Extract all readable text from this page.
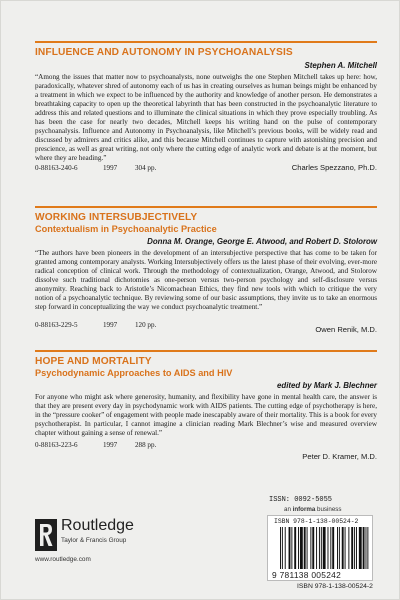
INFLUENCE AND AUTONOMY IN PSYCHOANALYSIS
Stephen A. Mitchell
“Among the issues that matter now to psychoanalysts, none outweighs the one Stephen Mitchell takes up here: how, paradoxically, whatever shred of autonomy each of us has in creating ourselves as human beings might be enhanced by a treatment in which we expect to be influenced by the authority and knowledge of another person. He demonstrates a breathtaking capacity to open up the theoretical labyrinth that has been constructed in the psychoanalytic literature to address this and related questions and to illuminate the clinical situations in which they prove especially troubling. As has been the case for nearly two decades, Mitchell keeps his writing hand on the pulse of contemporary psychoanalysis. Influence and Autonomy in Psychoanalysis, like Mitchell’s previous books, will be widely read and discussed by admirers and critics alike, and this because Mitchell continues to capture with astonishing precision and prescience, as well as great writing, not only where the cutting edge of analytic work and debate is at the moment, but where they are heading.”
0-88163-240-6	1997	304 pp.	Charles Spezzano, Ph.D.
WORKING INTERSUBJECTIVELY
Contextualism in Psychoanalytic Practice
Donna M. Orange, George E. Atwood, and Robert D. Stolorow
“The authors have been pioneers in the development of an intersubjective perspective that has come to be taken for granted among contemporary analysts. Working Intersubjectively offers us the latest phase of their evolving, ever-more radical conception of clinical work. Through the methodology of contextualization, Orange, Atwood, and Stolorow dissolve such traditional dichotomies as one-person versus two-person psychology and self-disclosure versus anonymity. Reaching back to Aristotle’s Nicomachean Ethics, they find new tools with which to critique the very notion of a psychoanalytic technique. By reviewing some of our basic assumptions, they invite us to take an enormous step forward in conceptualizing the way we conduct psychoanalytic treatment.”
0-88163-229-5	1997	120 pp.	Owen Renik, M.D.
HOPE AND MORTALITY
Psychodynamic Approaches to AIDS and HIV
edited by Mark J. Blechner
For anyone who might ask where generosity, humanity, and flexibility have gone in mental health care, the answer is that they are present every day in psychodynamic work with AIDS patients. The cutting edge of psychotherapy is here, in the “pressure cooker” of engagement with people made inescapably aware of their mortality. This is a book for every psychotherapist. In particular, I cannot imagine a clinician reading Mark Blechner’s wise and measured overview chapter without gaining a sense of renewal.”
0-88163-223-6	1997	288 pp.
Peter D. Kramer, M.D.
ISSN: 0092-5055
an informa business
Routledge
Taylor & Francis Group
www.routledge.com
ISBN 978-1-138-00524-2
9 781138 005242
ISBN 978-1-138-00524-2
